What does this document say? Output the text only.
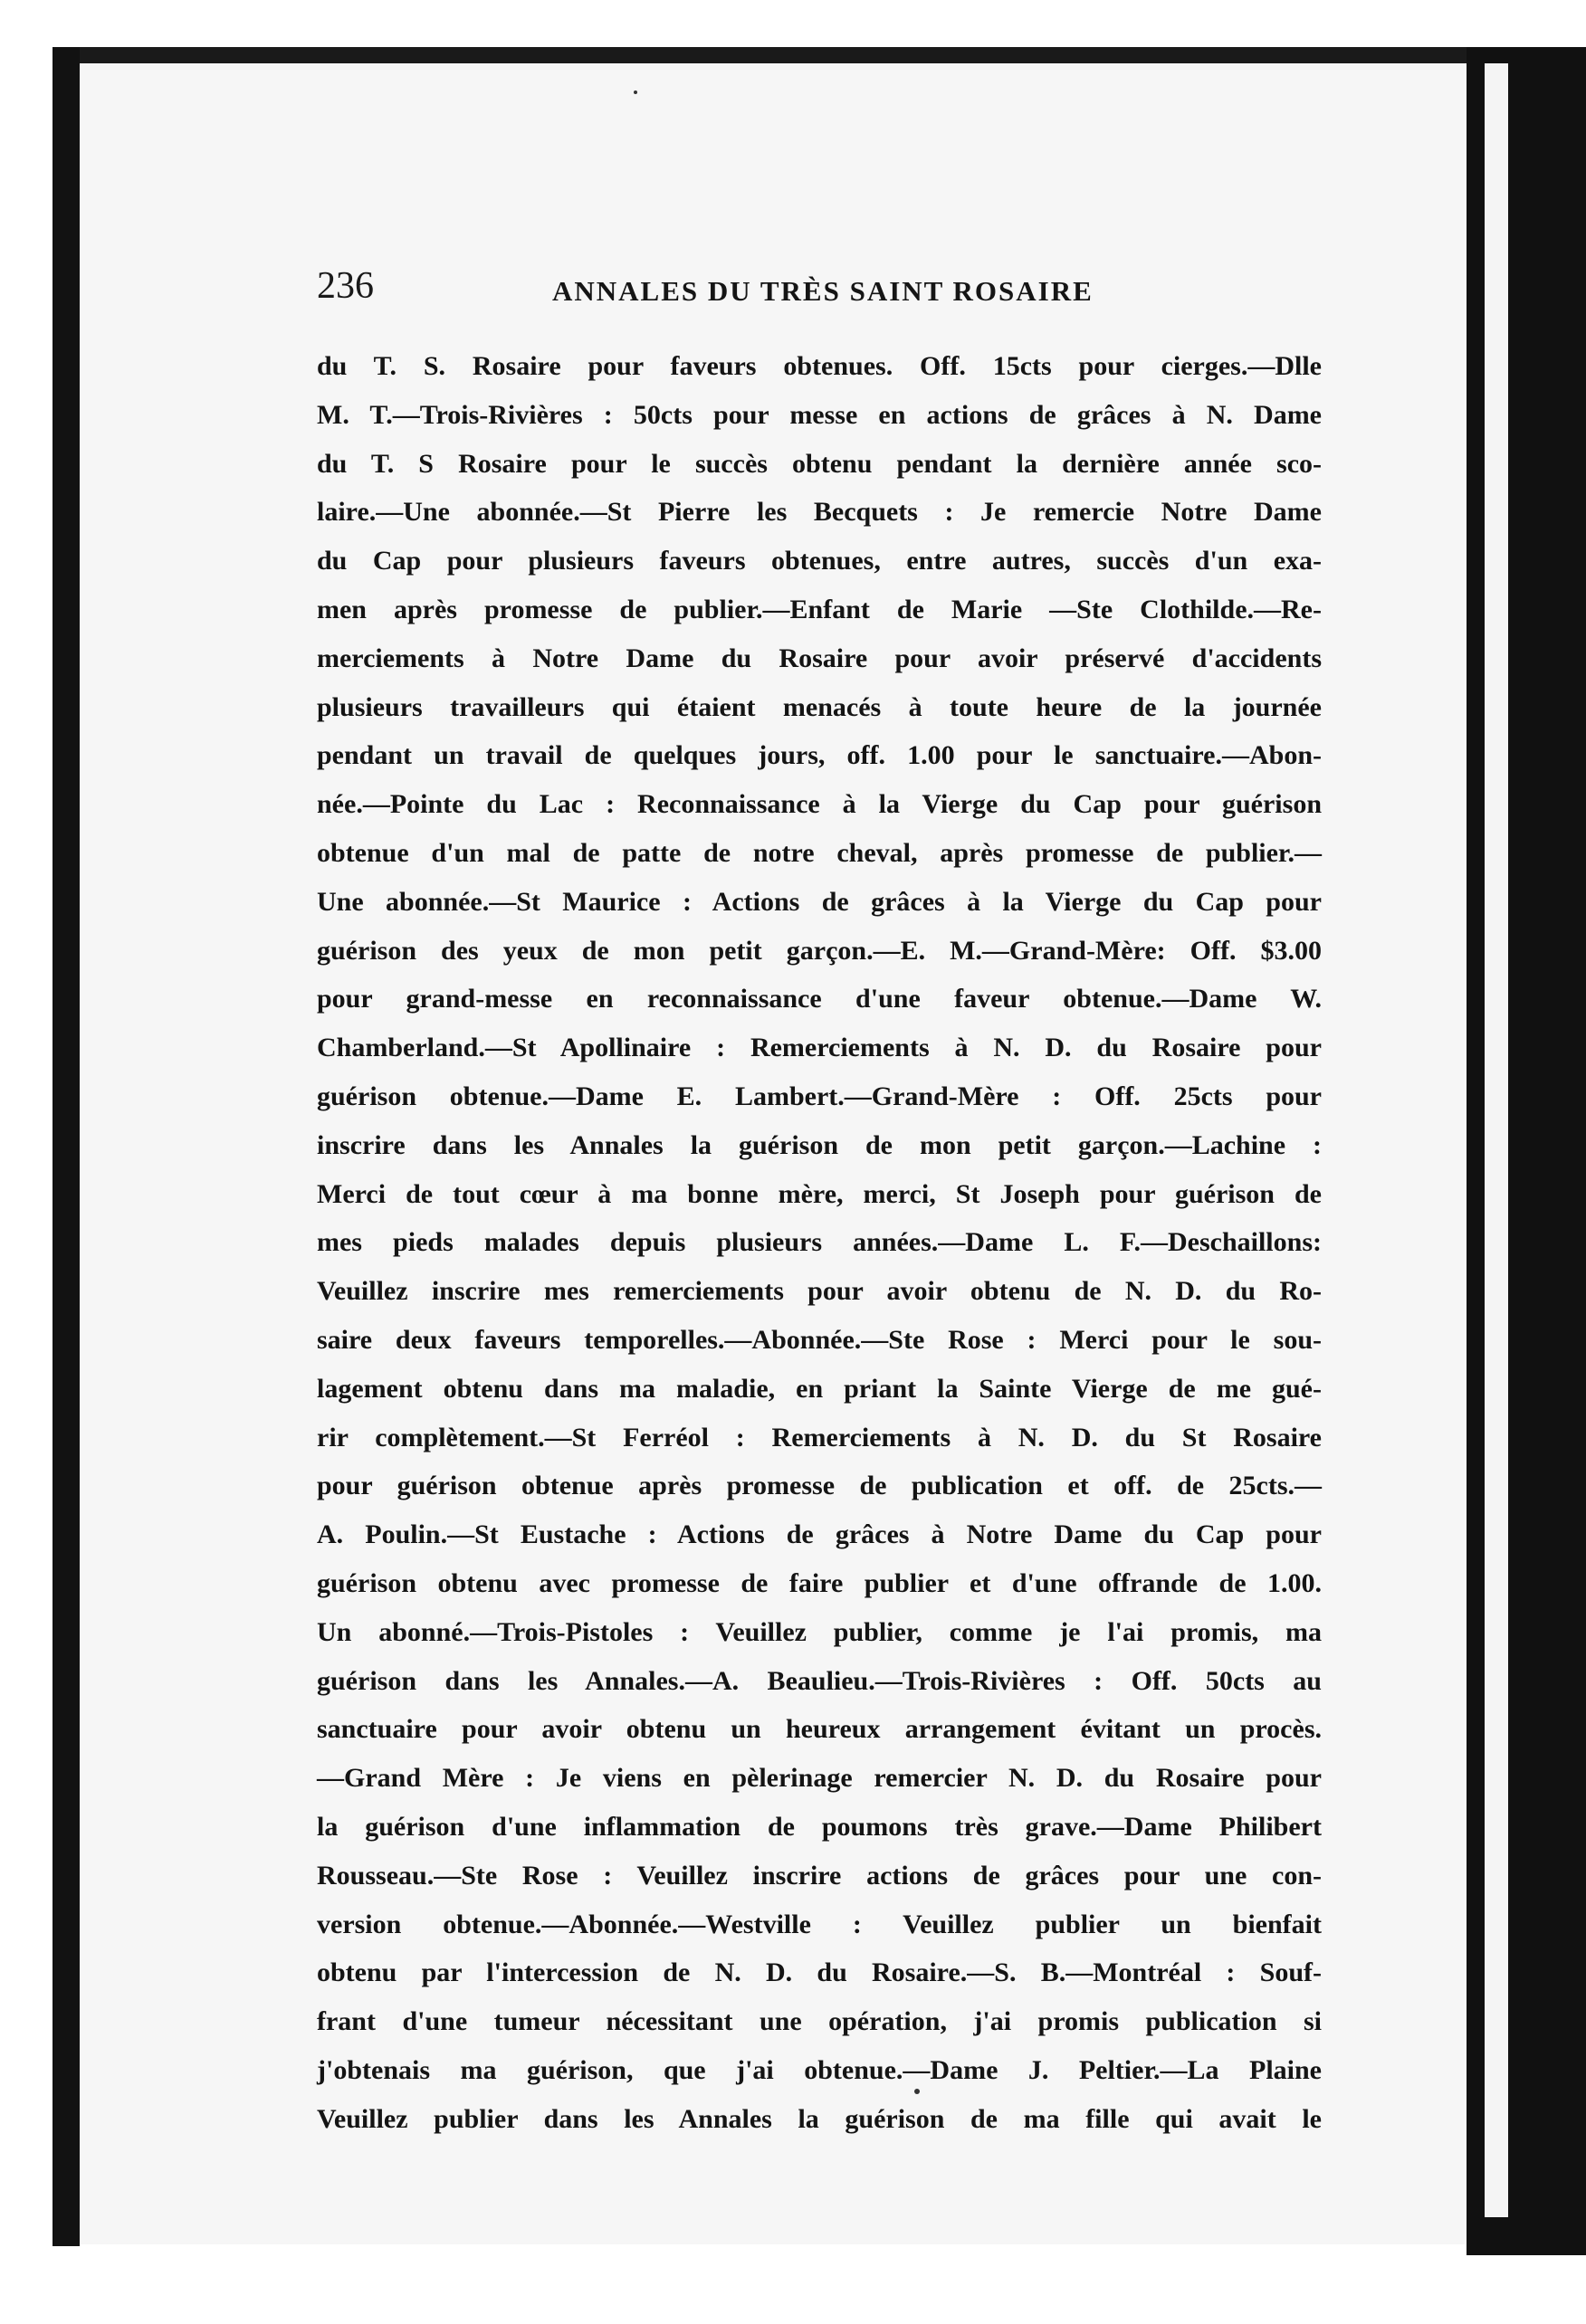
236	ANNALES DU TRÈS SAINT ROSAIRE
du T. S. Rosaire pour faveurs obtenues. Off. 15cts pour cierges.—Dlle
M. T.—Trois-Rivières : 50cts pour messe en actions de grâces à N. Dame
du T. S Rosaire pour le succès obtenu pendant la dernière année sco-
laire.—Une abonnée.—St Pierre les Becquets : Je remercie Notre Dame
du Cap pour plusieurs faveurs obtenues, entre autres, succès d'un exa-
men après promesse de publier.—Enfant de Marie —Ste Clothilde.—Re-
merciements à Notre Dame du Rosaire pour avoir préservé d'accidents
plusieurs travailleurs qui étaient menacés à toute heure de la journée
pendant un travail de quelques jours, off. 1.00 pour le sanctuaire.—Abon-
née.—Pointe du Lac : Reconnaissance à la Vierge du Cap pour guérison
obtenue d'un mal de patte de notre cheval, après promesse de publier.—
Une abonnée.—St Maurice : Actions de grâces à la Vierge du Cap pour
guérison des yeux de mon petit garçon.—E. M.—Grand-Mère: Off. $3.00
pour grand-messe en reconnaissance d'une faveur obtenue.—Dame W.
Chamberland.—St Apollinaire : Remerciements à N. D. du Rosaire pour
guérison obtenue.—Dame E. Lambert.—Grand-Mère : Off. 25cts pour
inscrire dans les Annales la guérison de mon petit garçon.—Lachine :
Merci de tout cœur à ma bonne mère, merci, St Joseph pour guérison de
mes pieds malades depuis plusieurs années.—Dame L. F.—Deschaillons:
Veuillez inscrire mes remerciements pour avoir obtenu de N. D. du Ro-
saire deux faveurs temporelles.—Abonnée.—Ste Rose : Merci pour le sou-
lagement obtenu dans ma maladie, en priant la Sainte Vierge de me gué-
rir complètement.—St Ferréol : Remerciements à N. D. du St Rosaire
pour guérison obtenue après promesse de publication et off. de 25cts.—
A. Poulin.—St Eustache : Actions de grâces à Notre Dame du Cap pour
guérison obtenu avec promesse de faire publier et d'une offrande de 1.00.
Un abonné.—Trois-Pistoles : Veuillez publier, comme je l'ai promis, ma
guérison dans les Annales.—A. Beaulieu.—Trois-Rivières : Off. 50cts au
sanctuaire pour avoir obtenu un heureux arrangement évitant un procès.
—Grand Mère : Je viens en pèlerinage remercier N. D. du Rosaire pour
la guérison d'une inflammation de poumons très grave.—Dame Philibert
Rousseau.—Ste Rose : Veuillez inscrire actions de grâces pour une con-
version obtenue.—Abonnée.—Westville : Veuillez publier un bienfait
obtenu par l'intercession de N. D. du Rosaire.—S. B.—Montréal : Souf-
frant d'une tumeur nécessitant une opération, j'ai promis publication si
j'obtenais ma guérison, que j'ai obtenue.—Dame J. Peltier.—La Plaine
Veuillez publier dans les Annales la guérison de ma fille qui avait le
